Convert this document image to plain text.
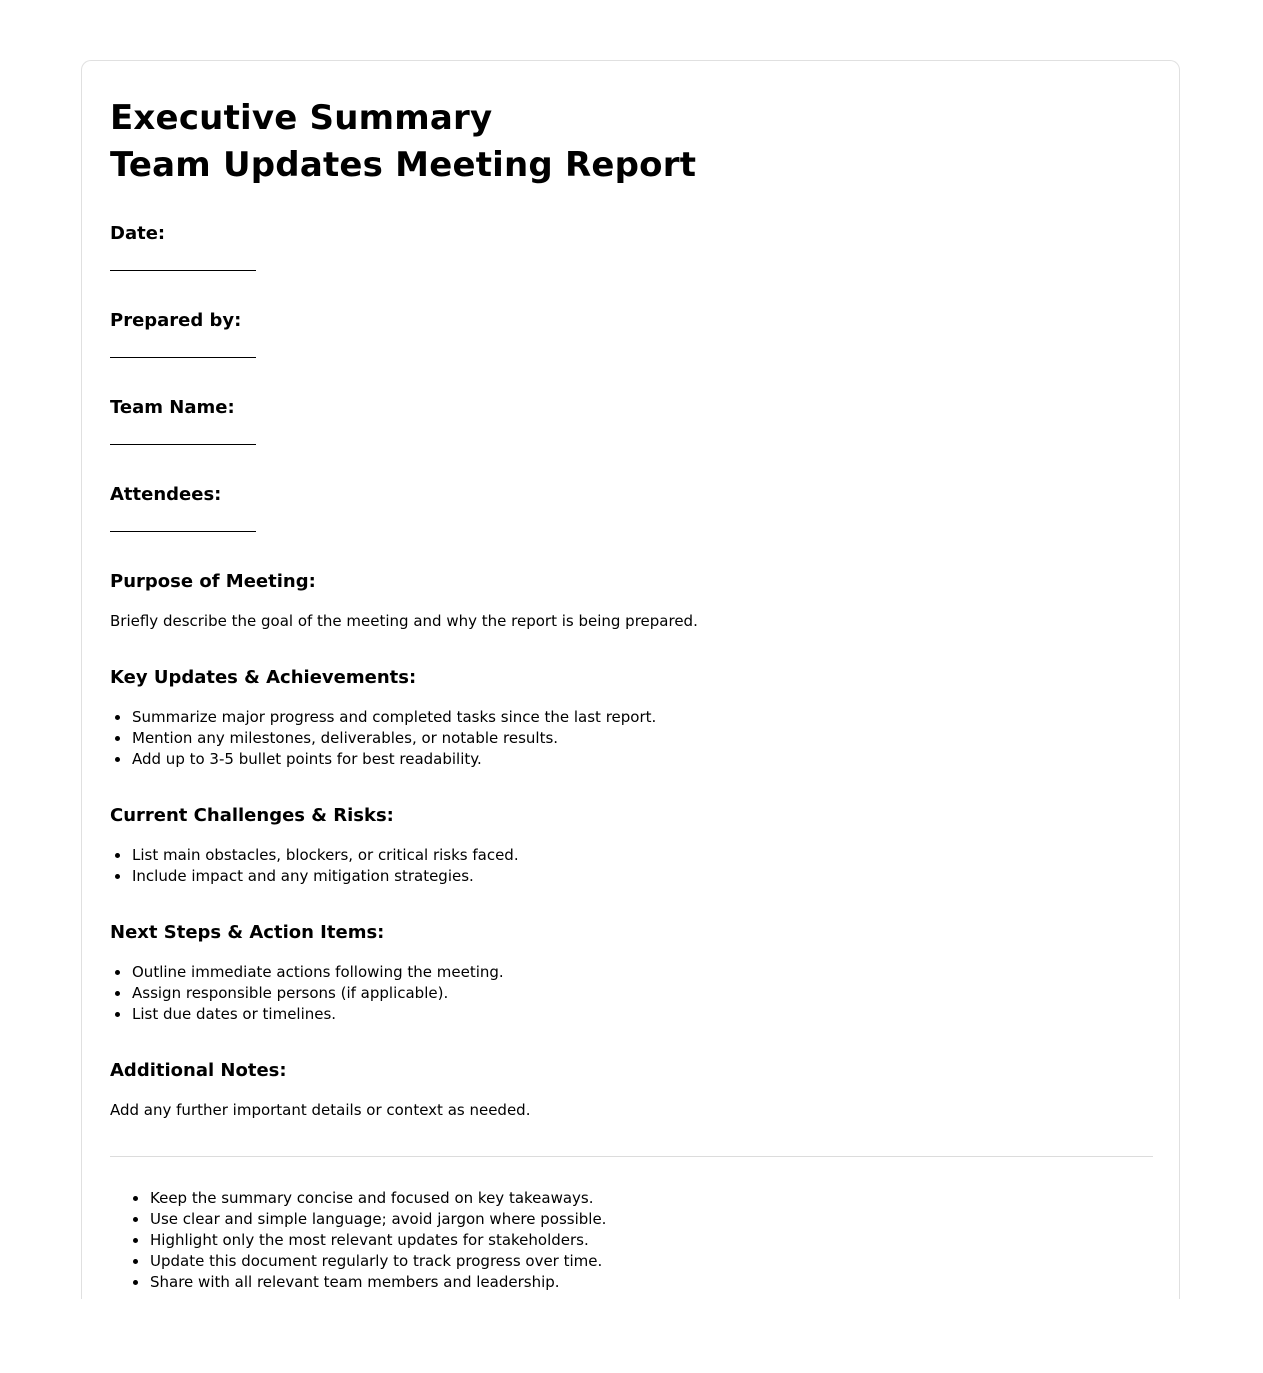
Executive Summary
Team Updates Meeting Report
Date:
Prepared by:
Team Name:
Attendees:
Purpose of Meeting:
Briefly describe the goal of the meeting and why the report is being prepared.
Key Updates & Achievements:
Summarize major progress and completed tasks since the last report.
Mention any milestones, deliverables, or notable results.
Add up to 3-5 bullet points for best readability.
Current Challenges & Risks:
List main obstacles, blockers, or critical risks faced.
Include impact and any mitigation strategies.
Next Steps & Action Items:
Outline immediate actions following the meeting.
Assign responsible persons (if applicable).
List due dates or timelines.
Additional Notes:
Add any further important details or context as needed.
Keep the summary concise and focused on key takeaways.
Use clear and simple language; avoid jargon where possible.
Highlight only the most relevant updates for stakeholders.
Update this document regularly to track progress over time.
Share with all relevant team members and leadership.
